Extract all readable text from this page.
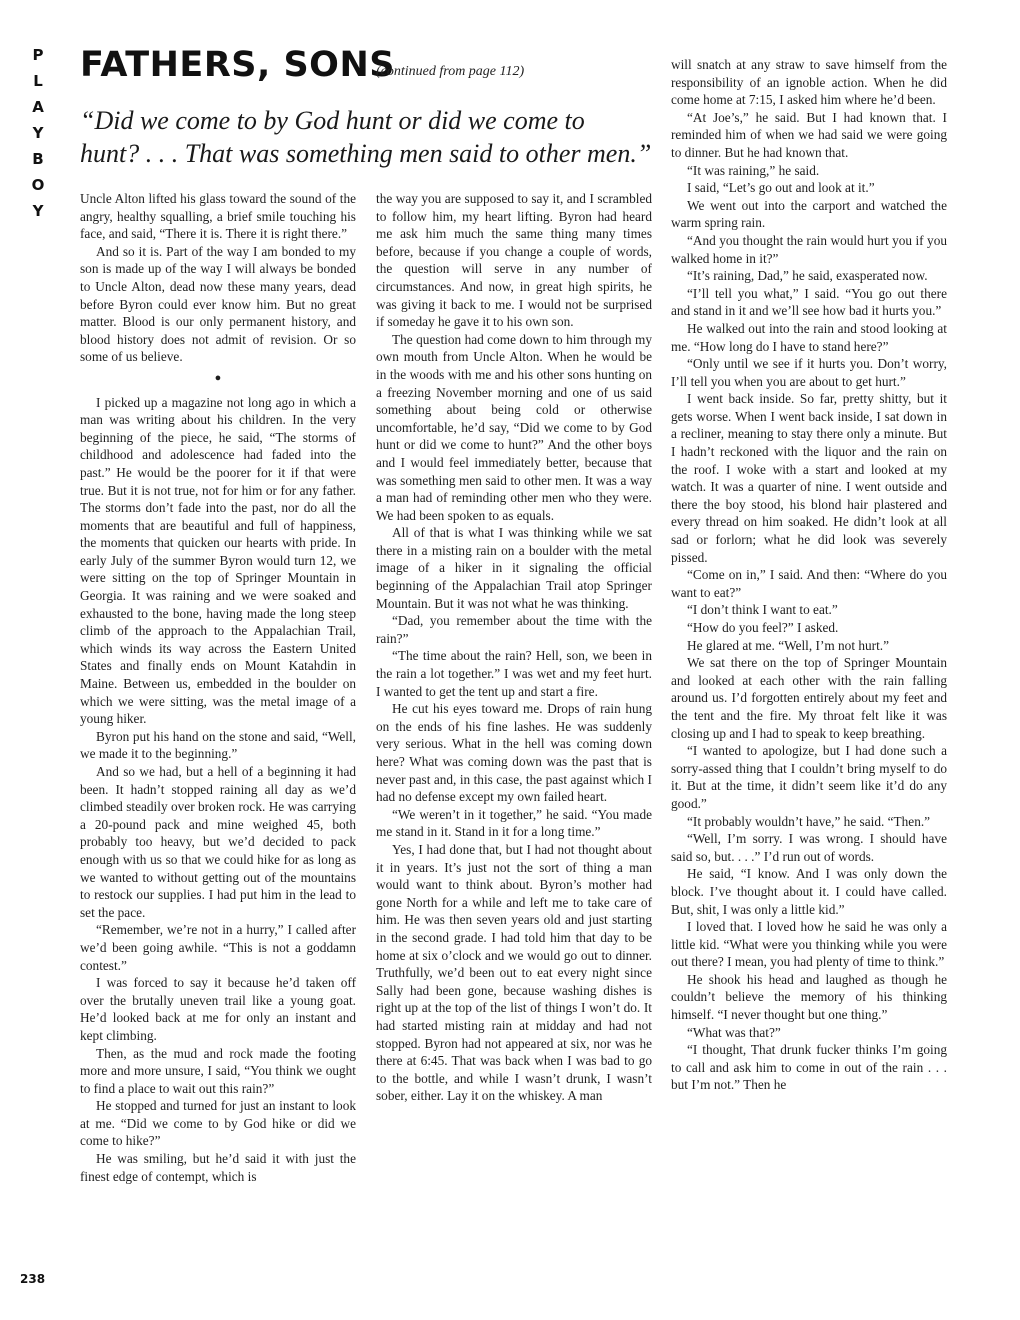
P
L
A
Y
B
O
Y
FATHERS, SONS
(continued from page 112)
“Did we come to by God hunt or did we come to
hunt? . . . That was something men said to other men.”

Uncle Alton lifted his glass toward the sound of the angry, healthy squalling, a brief smile touching his face, and said, “There it is. There it is right there.”

And so it is. Part of the way I am bonded to my son is made up of the way I will always be bonded to Uncle Alton, dead now these many years, dead before Byron could ever know him. But no great matter. Blood is our only permanent history, and blood history does not admit of revision. Or so some of us believe.

●

I picked up a magazine not long ago in which a man was writing about his children. In the very beginning of the piece, he said, “The storms of childhood and adolescence had faded into the past.” He would be the poorer for it if that were true. But it is not true, not for him or for any father. The storms don’t fade into the past, nor do all the moments that are beautiful and full of happiness, the moments that quicken our hearts with pride. In early July of the summer Byron would turn 12, we were sitting on the top of Springer Mountain in Georgia. It was raining and we were soaked and exhausted to the bone, having made the long steep climb of the approach to the Appalachian Trail, which winds its way across the Eastern United States and finally ends on Mount Katahdin in Maine. Between us, embedded in the boulder on which we were sitting, was the metal image of a young hiker.

Byron put his hand on the stone and said, “Well, we made it to the beginning.”

And so we had, but a hell of a beginning it had been. It hadn’t stopped raining all day as we’d climbed steadily over broken rock. He was carrying a 20-pound pack and mine weighed 45, both probably too heavy, but we’d decided to pack enough with us so that we could hike for as long as we wanted to without getting out of the mountains to restock our supplies. I had put him in the lead to set the pace.

“Remember, we’re not in a hurry,” I called after we’d been going awhile. “This is not a goddamn contest.”

I was forced to say it because he’d taken off over the brutally uneven trail like a young goat. He’d looked back at me for only an instant and kept climbing.

Then, as the mud and rock made the footing more and more unsure, I said, “You think we ought to find a place to wait out this rain?”

He stopped and turned for just an instant to look at me. “Did we come to by God hike or did we come to hike?”

He was smiling, but he’d said it with just the finest edge of contempt, which is

the way you are supposed to say it, and I scrambled to follow him, my heart lifting. Byron had heard me ask him much the same thing many times before, because if you change a couple of words, the question will serve in any number of circumstances. And now, in great high spirits, he was giving it back to me. I would not be surprised if someday he gave it to his own son.

The question had come down to him through my own mouth from Uncle Alton. When he would be in the woods with me and his other sons hunting on a freezing November morning and one of us said something about being cold or otherwise uncomfortable, he’d say, “Did we come to by God hunt or did we come to hunt?” And the other boys and I would feel immediately better, because that was something men said to other men. It was a way a man had of reminding other men who they were. We had been spoken to as equals.

All of that is what I was thinking while we sat there in a misting rain on a boulder with the metal image of a hiker in it signaling the official beginning of the Appalachian Trail atop Springer Mountain. But it was not what he was thinking.

“Dad, you remember about the time with the rain?”

“The time about the rain? Hell, son, we been in the rain a lot together.” I was wet and my feet hurt. I wanted to get the tent up and start a fire.

He cut his eyes toward me. Drops of rain hung on the ends of his fine lashes. He was suddenly very serious. What in the hell was coming down here? What was coming down was the past that is never past and, in this case, the past against which I had no defense except my own failed heart.

“We weren’t in it together,” he said. “You made me stand in it. Stand in it for a long time.”

Yes, I had done that, but I had not thought about it in years. It’s just not the sort of thing a man would want to think about. Byron’s mother had gone North for a while and left me to take care of him. He was then seven years old and just starting in the second grade. I had told him that day to be home at six o’clock and we would go out to dinner. Truthfully, we’d been out to eat every night since Sally had been gone, because washing dishes is right up at the top of the list of things I won’t do. It had started misting rain at midday and had not stopped. Byron had not appeared at six, nor was he there at 6:45. That was back when I was bad to go to the bottle, and while I wasn’t drunk, I wasn’t sober, either. Lay it on the whiskey. A man

will snatch at any straw to save himself from the responsibility of an ignoble action. When he did come home at 7:15, I asked him where he’d been.

“At Joe’s,” he said. But I had known that. I reminded him of when we had said we were going to dinner. But he had known that.

“It was raining,” he said.

I said, “Let’s go out and look at it.”

We went out into the carport and watched the warm spring rain.

“And you thought the rain would hurt you if you walked home in it?”

“It’s raining, Dad,” he said, exasperated now.

“I’ll tell you what,” I said. “You go out there and stand in it and we’ll see how bad it hurts you.”

He walked out into the rain and stood looking at me. “How long do I have to stand here?”

“Only until we see if it hurts you. Don’t worry, I’ll tell you when you are about to get hurt.”

I went back inside. So far, pretty shitty, but it gets worse. When I went back inside, I sat down in a recliner, meaning to stay there only a minute. But I hadn’t reckoned with the liquor and the rain on the roof. I woke with a start and looked at my watch. It was a quarter of nine. I went outside and there the boy stood, his blond hair plastered and every thread on him soaked. He didn’t look at all sad or forlorn; what he did look was severely pissed.

“Come on in,” I said. And then: “Where do you want to eat?”

“I don’t think I want to eat.”

“How do you feel?” I asked.

He glared at me. “Well, I’m not hurt.”

We sat there on the top of Springer Mountain and looked at each other with the rain falling around us. I’d forgotten entirely about my feet and the tent and the fire. My throat felt like it was closing up and I had to speak to keep breathing.

“I wanted to apologize, but I had done such a sorry-assed thing that I couldn’t bring myself to do it. But at the time, it didn’t seem like it’d do any good.”

“It probably wouldn’t have,” he said. “Then.”

“Well, I’m sorry. I was wrong. I should have said so, but. . . .” I’d run out of words.

He said, “I know. And I was only down the block. I’ve thought about it. I could have called. But, shit, I was only a little kid.”

I loved that. I loved how he said he was only a little kid. “What were you thinking while you were out there? I mean, you had plenty of time to think.”

He shook his head and laughed as though he couldn’t believe the memory of his thinking himself. “I never thought but one thing.”

“What was that?”

“I thought, That drunk fucker thinks I’m going to call and ask him to come in out of the rain . . . but I’m not.” Then he

238
